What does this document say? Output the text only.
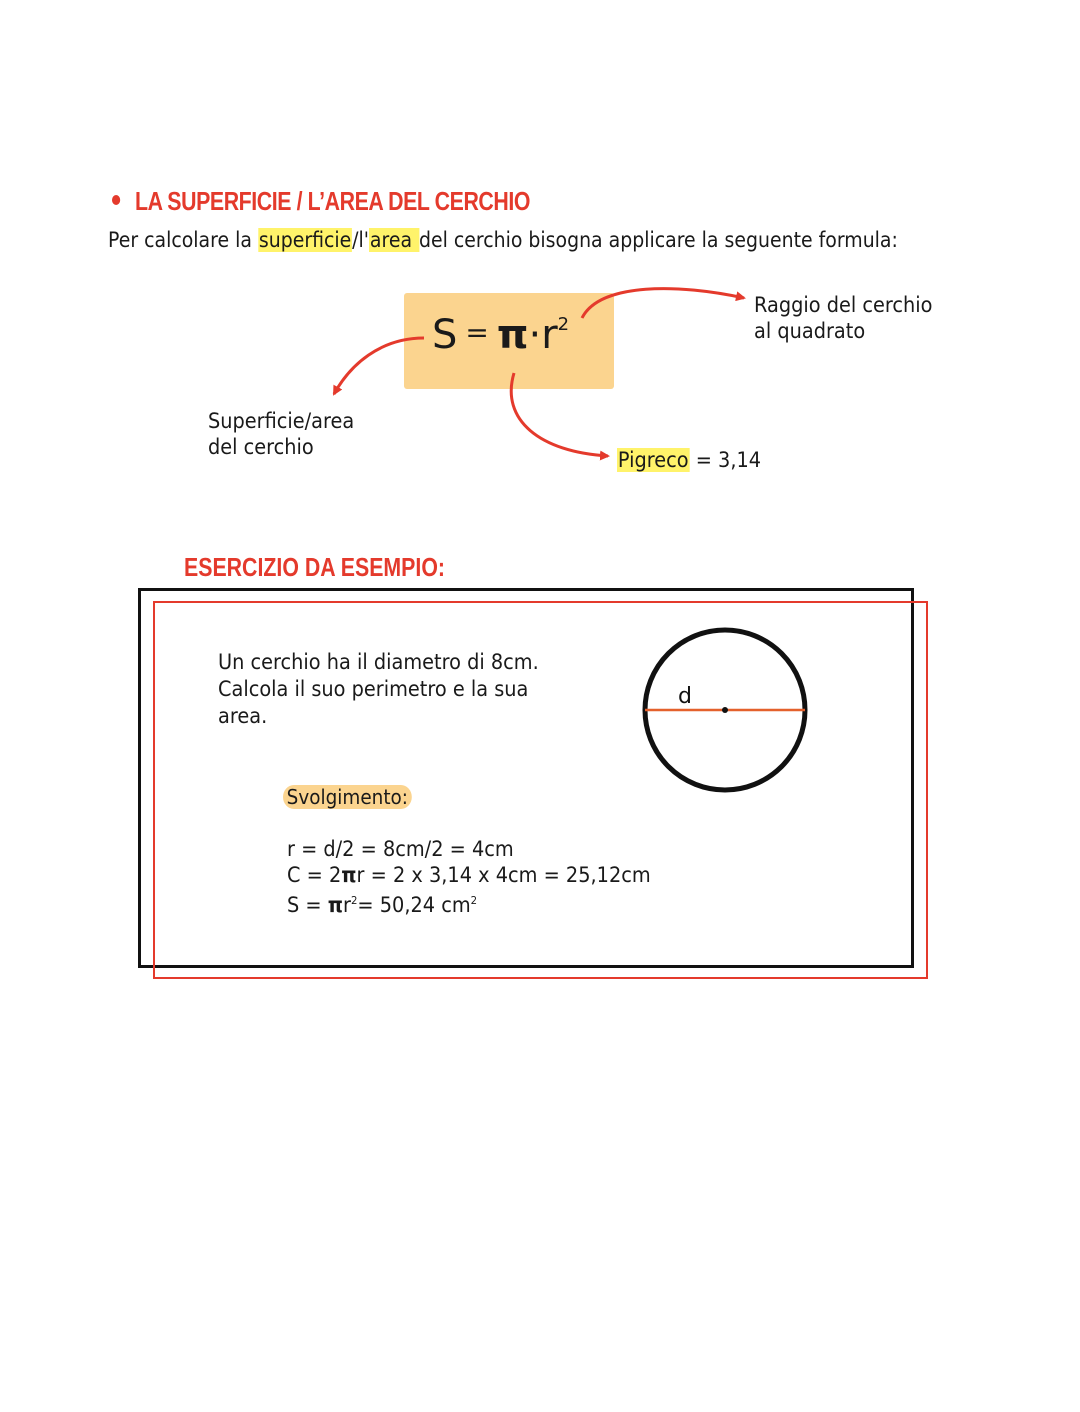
LA SUPERFICIE / L’AREA DEL CERCHIO
Per calcolare la superficie/l'area del cerchio bisogna applicare la seguente formula:
$S = \pi\cdot r^2$
Raggio del cerchio
al quadrato
Superficie/area
del cerchio
Pigreco = 3,14
ESERCIZIO DA ESEMPIO:
Un cerchio ha il diametro di 8cm.
Calcola il suo perimetro e la sua
area.
Svolgimento:
r = d/2 = 8cm/2 = 4cm
C = 2πr = 2 x 3,14 x 4cm = 25,12cm
$S = \pi r^2= 50,24$ $cm^2$
d
